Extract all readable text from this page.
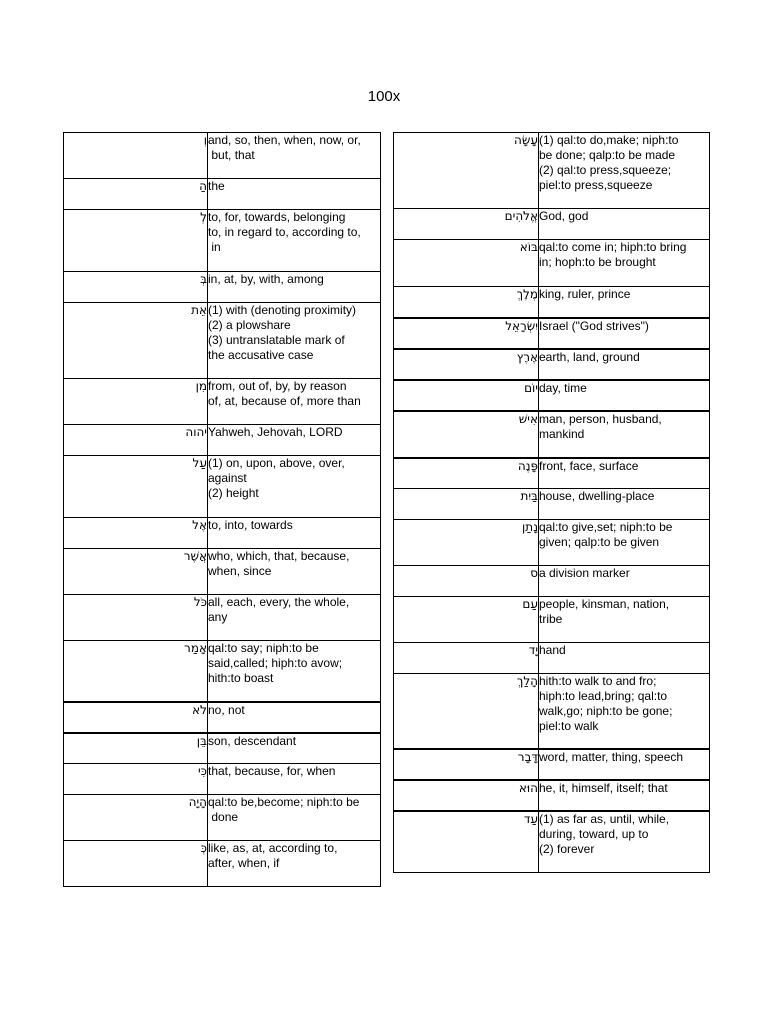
100x
וְ	and, so, then, when, now, or,
but, that
הַ	the
לְ	to, for, towards, belonging
to, in regard to, according to,
in
בְּ	in, at, by, with, among
אֵת	(1) with (denoting proximity)
(2) a plowshare
(3) untranslatable mark of
the accusative case
מִן	from, out of, by, by reason
of, at, because of, more than
יהוה	Yahweh, Jehovah, LORD
עַל	(1) on, upon, above, over,
against
(2) height
אֶל	to, into, towards
אֲשֶׁר	who, which, that, because,
when, since
כֹּל	all, each, every, the whole,
any
אָמַר	qal:to say; niph:to be
said,called; hiph:to avow;
hith:to boast
לֹא	no, not
בֵּן	son, descendant
כִּי	that, because, for, when
הָיָה	qal:to be,become; niph:to be
done
כְּ	like, as, at, according to,
after, when, if
עָשָׂה	(1) qal:to do,make; niph:to
be done; qalp:to be made
(2) qal:to press,squeeze;
piel:to press,squeeze
אֱלֹהִים	God, god
בּוֹא	qal:to come in; hiph:to bring
in; hoph:to be brought
מֶלֶךְ	king, ruler, prince
יִשְׂרָאֵל	Israel ("God strives")
אֶרֶץ	earth, land, ground
יוֹם	day, time
אִישׁ	man, person, husband,
mankind
פָּנֶה	front, face, surface
בַּיִת	house, dwelling-place
נָתַן	qal:to give,set; niph:to be
given; qalp:to be given
ס	a division marker
עַם	people, kinsman, nation,
tribe
יָד	hand
הָלַךְ	hith:to walk to and fro;
hiph:to lead,bring; qal:to
walk,go; niph:to be gone;
piel:to walk
דָּבָר	word, matter, thing, speech
הוּא	he, it, himself, itself; that
עַד	(1) as far as, until, while,
during, toward, up to
(2) forever
